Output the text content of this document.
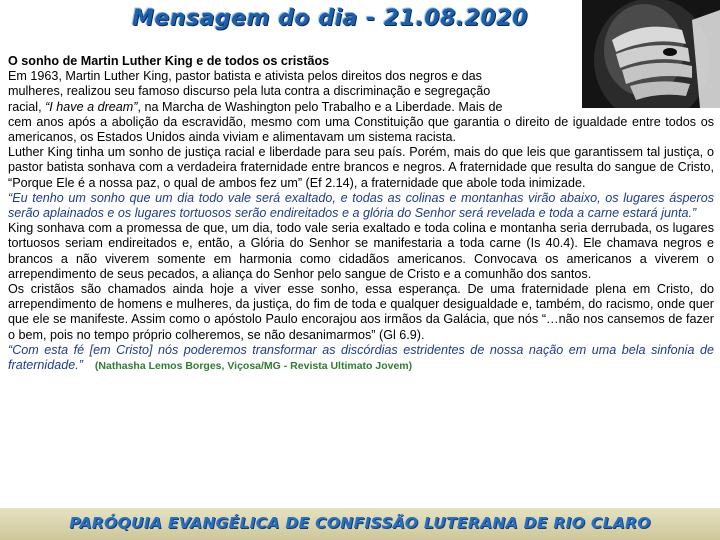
Mensagem do dia - 21.08.2020

O sonho de Martin Luther King e de todos os cristãos

Em 1963, Martin Luther King, pastor batista e ativista pelos direitos dos negros e das

mulheres, realizou seu famoso discurso pela luta contra a discriminação e segregação

racial, “I have a dream”, na Marcha de Washington pelo Trabalho e a Liberdade. Mais de

cem anos após a abolição da escravidão, mesmo com uma Constituição que garantia o direito de igualdade entre todos os americanos, os Estados Unidos ainda viviam e alimentavam um sistema racista.

Luther King tinha um sonho de justiça racial e liberdade para seu país. Porém, mais do que leis que garantissem tal justiça, o pastor batista sonhava com a verdadeira fraternidade entre brancos e negros. A fraternidade que resulta do sangue de Cristo, “Porque Ele é a nossa paz, o qual de ambos fez um” (Ef 2.14), a fraternidade que abole toda inimizade.

“Eu tenho um sonho que um dia todo vale será exaltado, e todas as colinas e montanhas virão abaixo, os lugares ásperos serão aplainados e os lugares tortuosos serão endireitados e a glória do Senhor será revelada e toda a carne estará junta.”

King sonhava com a promessa de que, um dia, todo vale seria exaltado e toda colina e montanha seria derrubada, os lugares tortuosos seriam endireitados e, então, a Glória do Senhor se manifestaria a toda carne (Is 40.4). Ele chamava negros e brancos a não viverem somente em harmonia como cidadãos americanos. Convocava os americanos a viverem o arrependimento de seus pecados, a aliança do Senhor pelo sangue de Cristo e a comunhão dos santos.

Os cristãos são chamados ainda hoje a viver esse sonho, essa esperança. De uma fraternidade plena em Cristo, do arrependimento de homens e mulheres, da justiça, do fim de toda e qualquer desigualdade e, também, do racismo, onde quer que ele se manifeste. Assim como o apóstolo Paulo encorajou aos irmãos da Galácia, que nós “…não nos cansemos de fazer o bem, pois no tempo próprio colheremos, se não desanimarmos” (Gl 6.9).

“Com esta fé [em Cristo] nós poderemos transformar as discórdias estridentes de nossa nação em uma bela sinfonia de fraternidade.” (Nathasha Lemos Borges, Viçosa/MG - Revista Ultimato Jovem)

PARÓQUIA EVANGÉLICA DE CONFISSÃO LUTERANA DE RIO CLARO
